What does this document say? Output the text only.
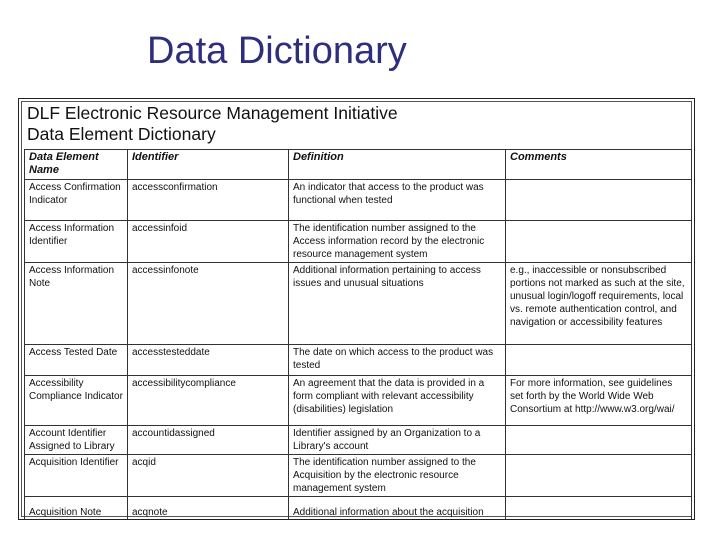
Data Dictionary
DLF Electronic Resource Management Initiative
Data Element Dictionary
Data Element Name	Identifier	Definition	Comments
Access Confirmation Indicator	accessconfirmation	An indicator that access to the product was functional when tested	
Access Information Identifier	accessinfoid	The identification number assigned to the Access information record by the electronic resource management system	
Access Information Note	accessinfonote	Additional information pertaining to access issues and unusual situations	e.g., inaccessible or nonsubscribed portions not marked as such at the site, unusual login/logoff requirements, local vs. remote authentication control, and navigation or accessibility features
Access Tested Date	accesstesteddate	The date on which access to the product was tested	
Accessibility Compliance Indicator	accessibilitycompliance	An agreement that the data is provided in a form compliant with relevant accessibility (disabilities) legislation	For more information, see guidelines set forth by the World Wide Web Consortium at http://www.w3.org/wai/
Account Identifier Assigned to Library	accountidassigned	Identifier assigned by an Organization to a Library's account	
Acquisition Identifier	acqid	The identification number assigned to the Acquisition by the electronic resource management system	
Acquisition Note	acqnote	Additional information about the acquisition	
